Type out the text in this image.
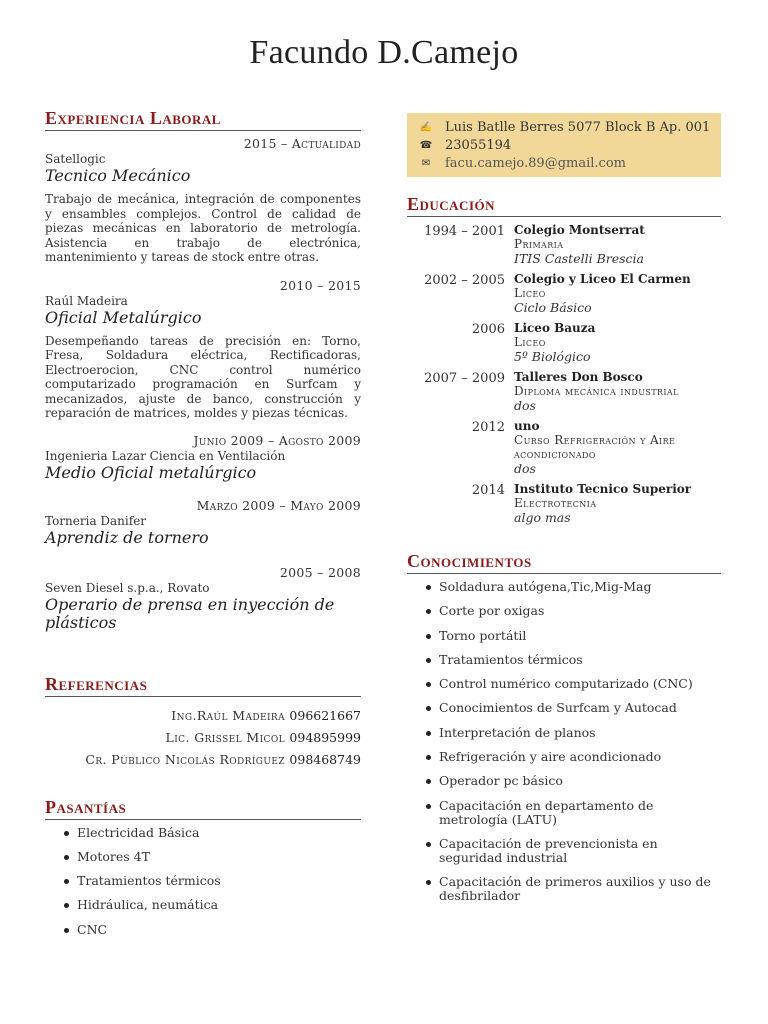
Facundo D.Camejo
Experiencia Laboral
2015 – Actualidad
Satellogic
Tecnico Mecánico
Trabajo de mecánica, integración de componentes y ensambles complejos. Control de calidad de piezas mecánicas en laboratorio de metrología. Asistencia en trabajo de electrónica, mantenimiento y tareas de stock entre otras.
2010 – 2015
Raúl Madeira
Oficial Metalúrgico
Desempeñando tareas de precisión en: Torno, Fresa, Soldadura eléctrica, Rectificadoras, Electroerocion, CNC control numérico computarizado programación en Surfcam y mecanizados, ajuste de banco, construcción y reparación de matrices, moldes y piezas técnicas.
Junio 2009 – Agosto 2009
Ingenieria Lazar Ciencia en Ventilación
Medio Oficial metalúrgico
Marzo 2009 – Mayo 2009
Torneria Danifer
Aprendiz de tornero
2005 – 2008
Seven Diesel s.p.a., Rovato
Operario de prensa en inyección de plásticos
Referencias
Ing.Raúl Madeira 096621667
Lic. Grissel Micol 094895999
Cr. Público Nicolás Rodríguez 098468749
Pasantías
Electricidad Básica
Motores 4T
Tratamientos térmicos
Hidráulica, neumática
CNC
✍ Luis Batlle Berres 5077 Block B Ap. 001
☎ 23055194
✉	facu.camejo.89@gmail.com
Educación
1994 – 2001 Colegio Montserrat
Primaria
ITIS Castelli Brescia
2002 – 2005 Colegio y Liceo El Carmen
Liceo
Ciclo Básico
2006 Liceo Bauza
Liceo
5º Biológico
2007 – 2009 Talleres Don Bosco
Diploma mecánica industrial
dos
2012 uno
Curso Refrigeración y Aire acondicionado
dos
2014 Instituto Tecnico Superior
Electrotecnia
algo mas
Conocimientos
Soldadura autógena,Tic,Mig-Mag
Corte por oxigas
Torno portátil
Tratamientos térmicos
Control numérico computarizado (CNC)
Conocimientos de Surfcam y Autocad
Interpretación de planos
Refrigeración y aire acondicionado
Operador pc básico
Capacitación en departamento de metrología (LATU)
Capacitación de prevencionista en seguridad industrial
Capacitación de primeros auxilios y uso de desfibrilador
